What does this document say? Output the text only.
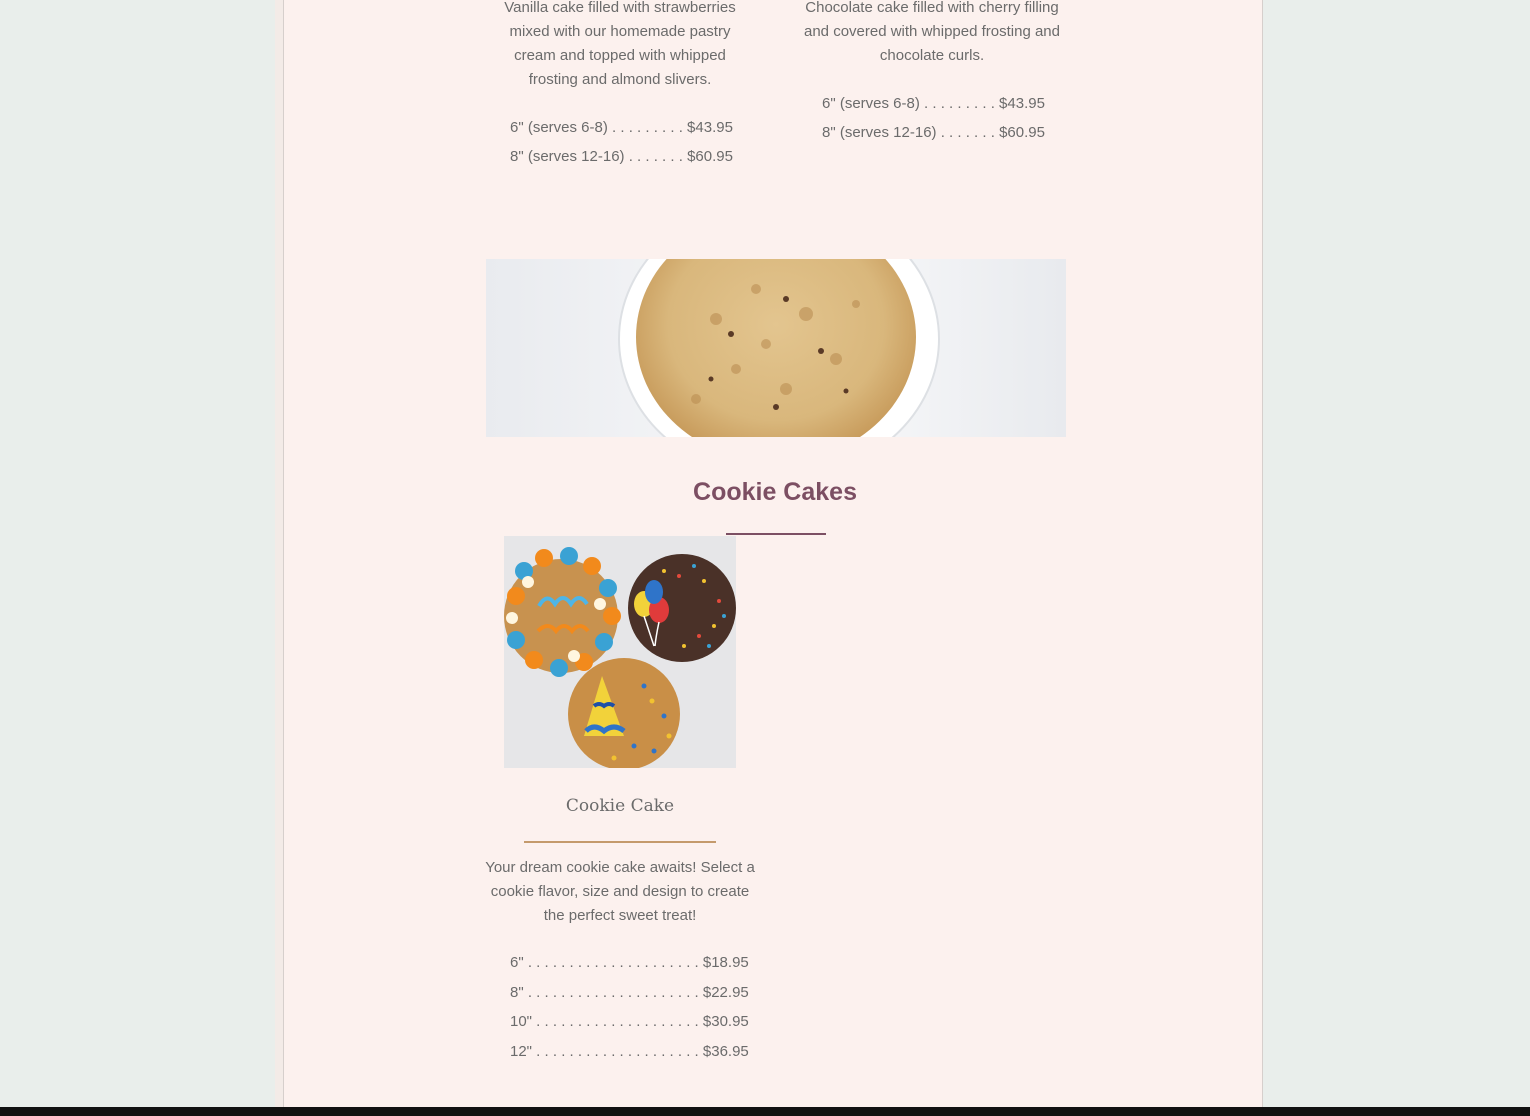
Vanilla cake filled with strawberries mixed with our homemade pastry cream and topped with whipped frosting and almond slivers.

6" (serves 6-8) . . . . . . . . . $43.95
8" (serves 12-16) . . . . . . . $60.95

Chocolate cake filled with cherry filling and covered with whipped frosting and chocolate curls.

6" (serves 6-8) . . . . . . . . . $43.95
8" (serves 12-16) . . . . . . . $60.95
Cookie Cakes

Cookie Cake

Your dream cookie cake awaits! Select a cookie flavor, size and design to create the perfect sweet treat!

6" . . . . . . . . . . . . . . . . . . . . . $18.95
8" . . . . . . . . . . . . . . . . . . . . . $22.95
10" . . . . . . . . . . . . . . . . . . . . $30.95
12" . . . . . . . . . . . . . . . . . . . . $36.95
